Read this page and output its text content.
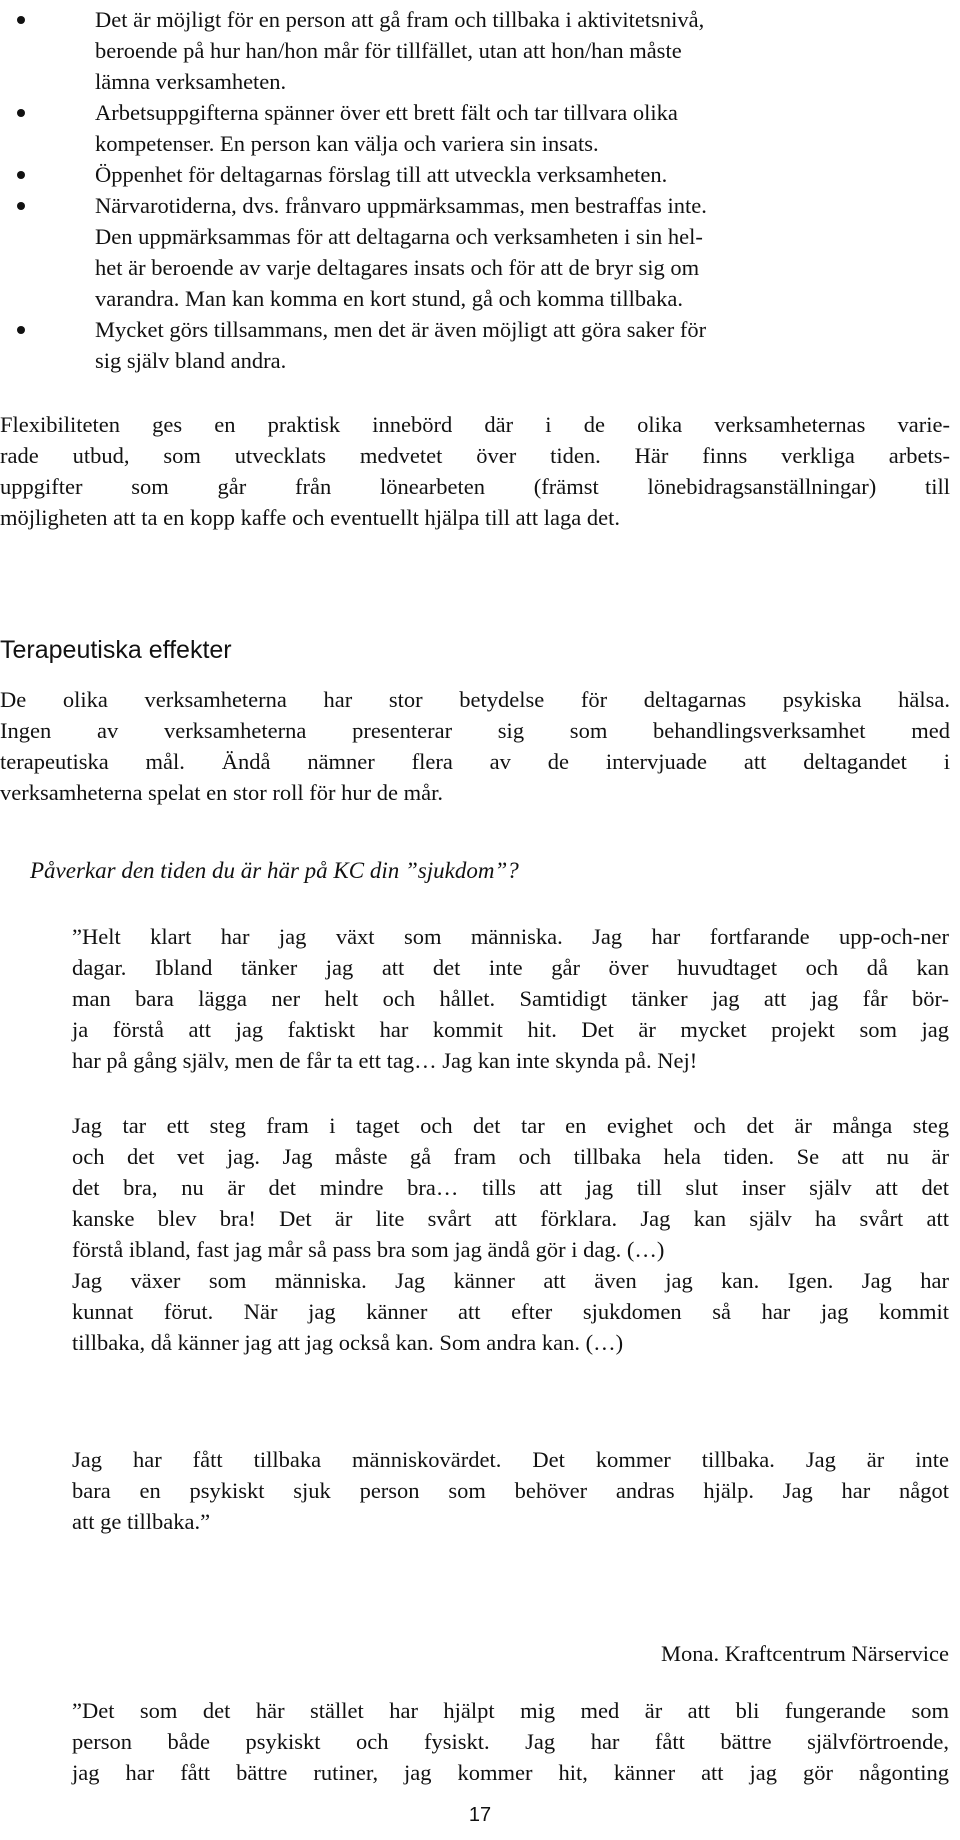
Det är möjligt för en person att gå fram och tillbaka i aktivitetsnivå,
beroende på hur han/hon mår för tillfället, utan att hon/han måste
lämna verksamheten.
Arbetsuppgifterna spänner över ett brett fält och tar tillvara olika
kompetenser. En person kan välja och variera sin insats.
Öppenhet för deltagarnas förslag till att utveckla verksamheten.
Närvarotiderna, dvs. frånvaro uppmärksammas, men bestraffas inte.
Den uppmärksammas för att deltagarna och verksamheten i sin hel-
het är beroende av varje deltagares insats och för att de bryr sig om
varandra. Man kan komma en kort stund, gå och komma tillbaka.
Mycket görs tillsammans, men det är även möjligt att göra saker för
sig själv bland andra.

Flexibiliteten ges en praktisk innebörd där i de olika verksamheternas varie-
rade utbud, som utvecklats medvetet över tiden. Här finns verkliga arbets-
uppgifter som går från lönearbeten (främst lönebidragsanställningar) till
möjligheten att ta en kopp kaffe och eventuellt hjälpa till att laga det.

Terapeutiska effekter

De olika verksamheterna har stor betydelse för deltagarnas psykiska hälsa.
Ingen av verksamheterna presenterar sig som behandlingsverksamhet med
terapeutiska mål. Ändå nämner flera av de intervjuade att deltagandet i
verksamheterna spelat en stor roll för hur de mår.

Påverkar den tiden du är här på KC din ”sjukdom”?

”Helt klart har jag växt som människa. Jag har fortfarande upp-och-ner
dagar. Ibland tänker jag att det inte går över huvudtaget och då kan
man bara lägga ner helt och hållet. Samtidigt tänker jag att jag får bör-
ja förstå att jag faktiskt har kommit hit. Det är mycket projekt som jag
har på gång själv, men de får ta ett tag… Jag kan inte skynda på. Nej!

Jag tar ett steg fram i taget och det tar en evighet och det är många steg
och det vet jag. Jag måste gå fram och tillbaka hela tiden. Se att nu är
det bra, nu är det mindre bra… tills att jag till slut inser själv att det
kanske blev bra! Det är lite svårt att förklara. Jag kan själv ha svårt att
förstå ibland, fast jag mår så pass bra som jag ändå gör i dag. (…)
Jag växer som människa. Jag känner att även jag kan. Igen. Jag har
kunnat förut. När jag känner att efter sjukdomen så har jag kommit
tillbaka, då känner jag att jag också kan. Som andra kan. (…)

Jag har fått tillbaka människovärdet. Det kommer tillbaka. Jag är inte
bara en psykiskt sjuk person som behöver andras hjälp. Jag har något
att ge tillbaka.”

Mona. Kraftcentrum Närservice

”Det som det här stället har hjälpt mig med är att bli fungerande som
person både psykiskt och fysiskt. Jag har fått bättre självförtroende,
jag har fått bättre rutiner, jag kommer hit, känner att jag gör någonting

17
